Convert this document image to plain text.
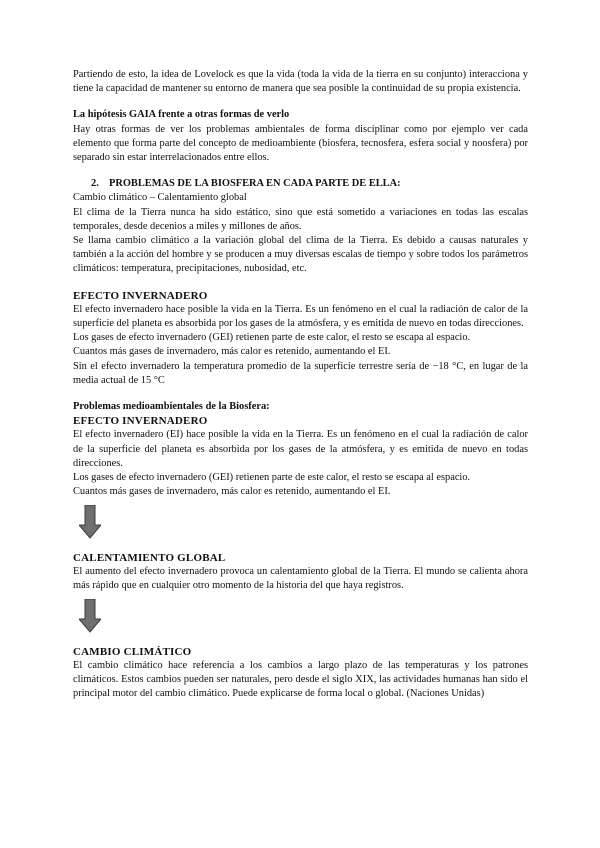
Partiendo de esto, la idea de Lovelock es que la vida (toda la vida de la tierra en su conjunto) interacciona y tiene la capacidad de mantener su entorno de manera que sea posible la continuidad de su propia existencia.

La hipótesis GAIA frente a otras formas de verlo

Hay otras formas de ver los problemas ambientales de forma disciplinar como por ejemplo ver cada elemento que forma parte del concepto de medioambiente (biosfera, tecnosfera, esfera social y noosfera) por separado sin estar interrelacionados entre ellos.

2. PROBLEMAS DE LA BIOSFERA EN CADA PARTE DE ELLA:

Cambio climático – Calentamiento global

El clima de la Tierra nunca ha sido estático, sino que está sometido a variaciones en todas las escalas temporales, desde decenios a miles y millones de años.

Se llama cambio climático a la variación global del clima de la Tierra. Es debido a causas naturales y también a la acción del hombre y se producen a muy diversas escalas de tiempo y sobre todos los parámetros climáticos: temperatura, precipitaciones, nubosidad, etc.

EFECTO INVERNADERO

El efecto invernadero hace posible la vida en la Tierra. Es un fenómeno en el cual la radiación de calor de la superficie del planeta es absorbida por los gases de la atmósfera, y es emitida de nuevo en todas direcciones.

Los gases de efecto invernadero (GEI) retienen parte de este calor, el resto se escapa al espacio.

Cuantos más gases de invernadero, más calor es retenido, aumentando el EI.

Sin el efecto invernadero la temperatura promedio de la superficie terrestre sería de −18 °C, en lugar de la media actual de 15 °C

Problemas medioambientales de la Biosfera:

EFECTO INVERNADERO

El efecto invernadero (EI) hace posible la vida en la Tierra. Es un fenómeno en el cual la radiación de calor de la superficie del planeta es absorbida por los gases de la atmósfera, y es emitida de nuevo en todas direcciones.

Los gases de efecto invernadero (GEI) retienen parte de este calor, el resto se escapa al espacio.

Cuantos más gases de invernadero, más calor es retenido, aumentando el EI.

CALENTAMIENTO GLOBAL

El aumento del efecto invernadero provoca un calentamiento global de la Tierra. El mundo se calienta ahora más rápido que en cualquier otro momento de la historia del que haya registros.

CAMBIO CLIMÁTICO

El cambio climático hace referencia a los cambios a largo plazo de las temperaturas y los patrones climáticos. Estos cambios pueden ser naturales, pero desde el siglo XIX, las actividades humanas han sido el principal motor del cambio climático. Puede explicarse de forma local o global. (Naciones Unidas)
